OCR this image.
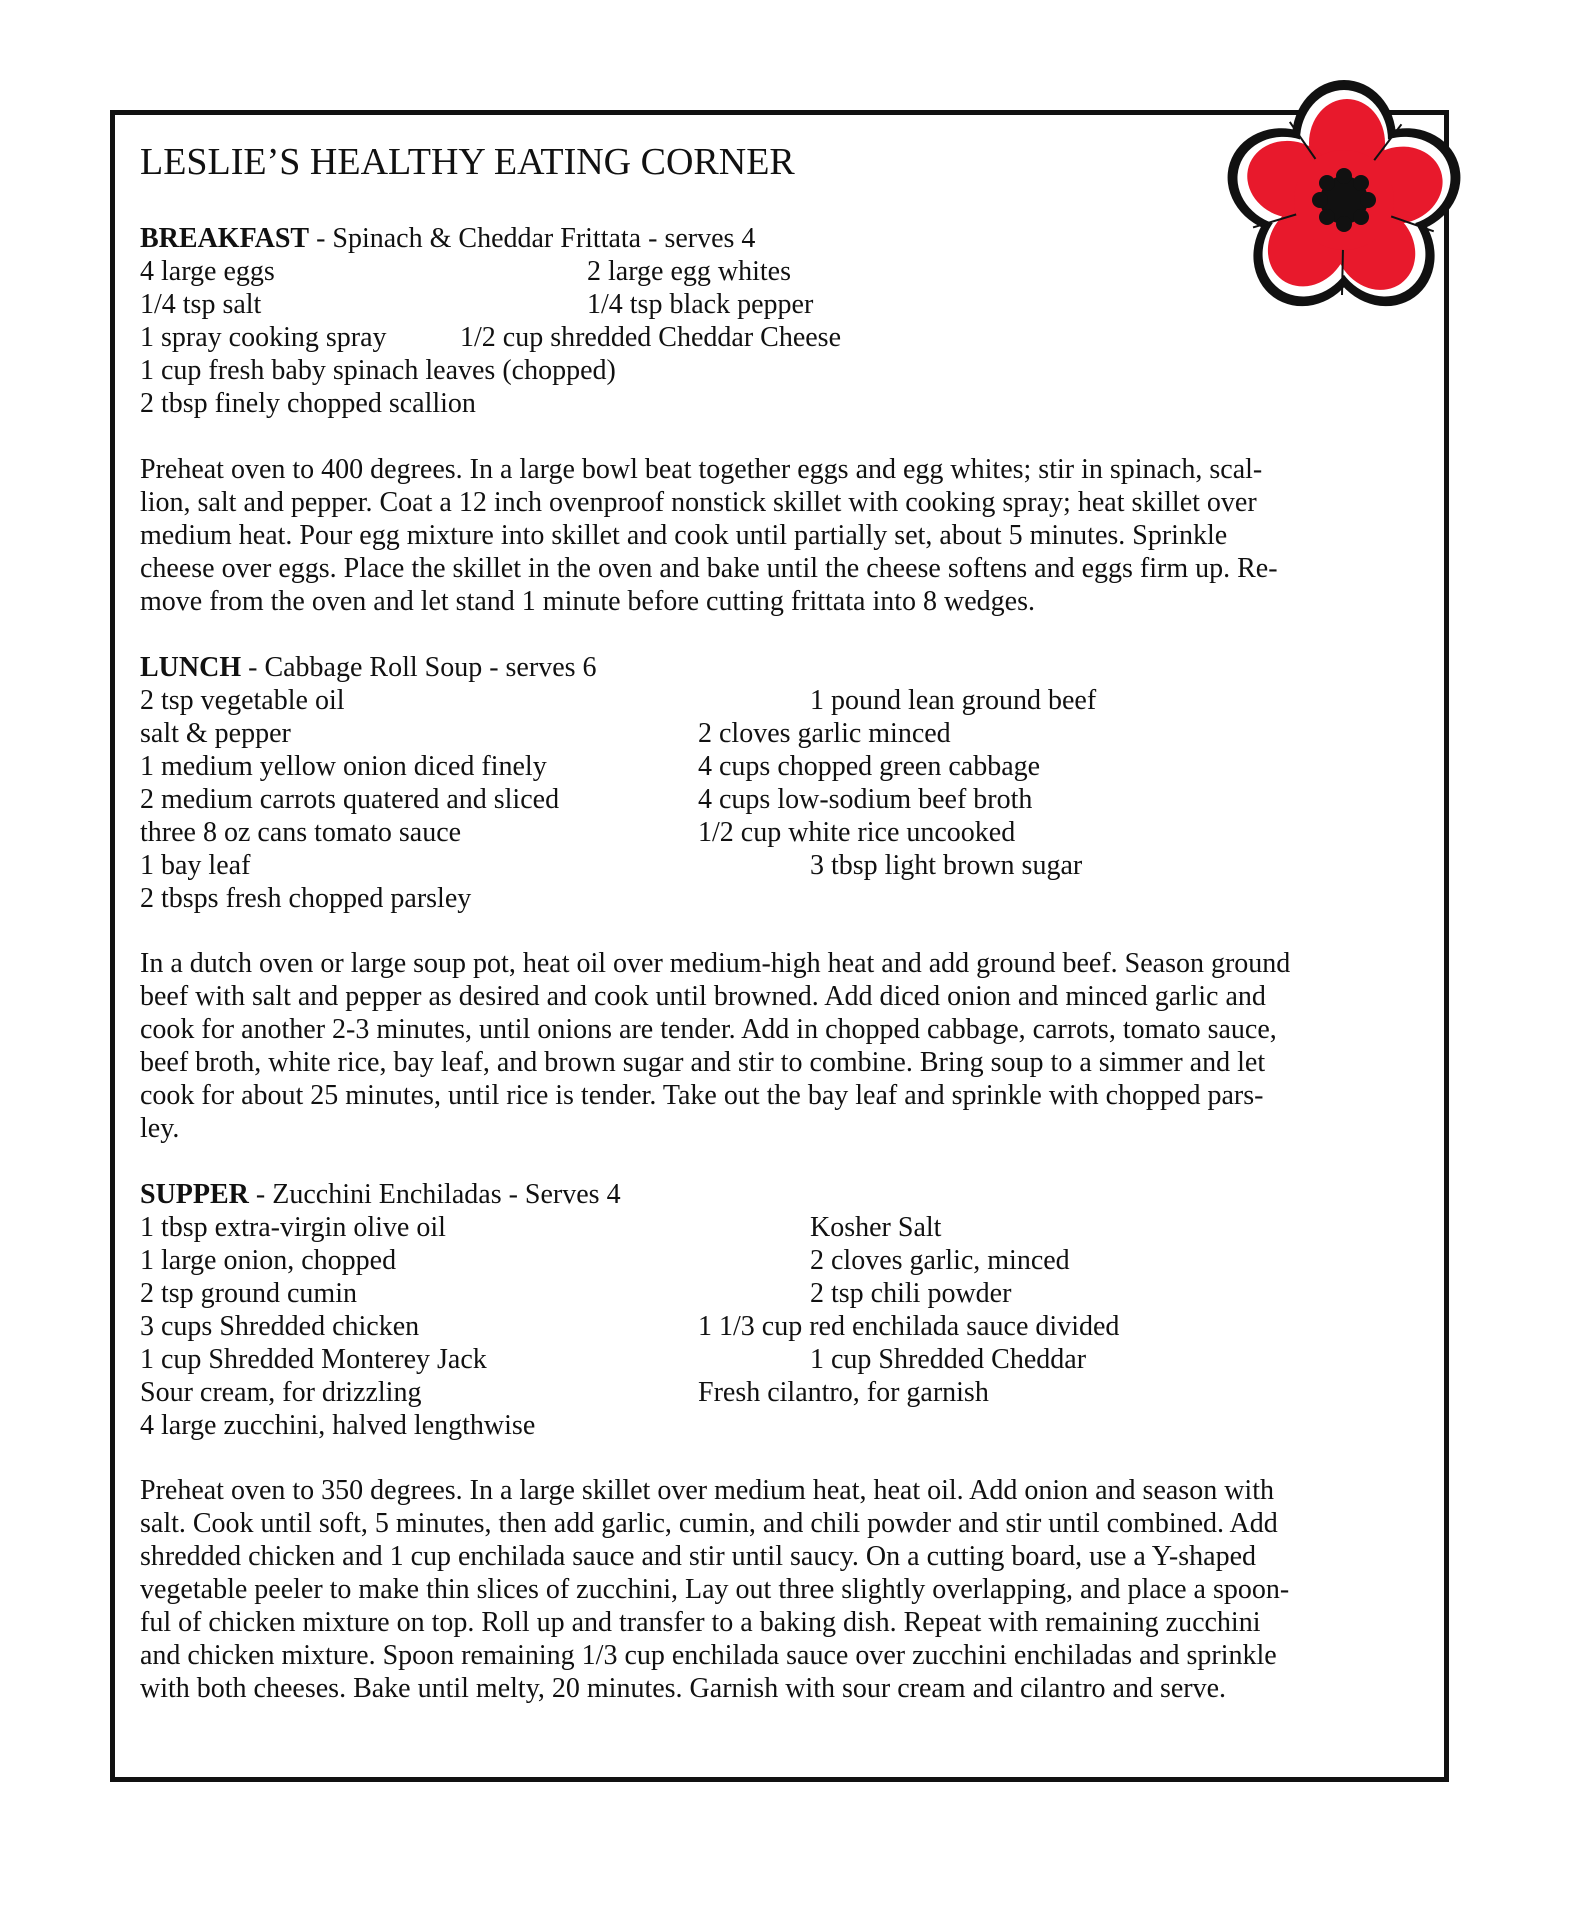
LESLIE’S HEALTHY EATING CORNER
BREAKFAST - Spinach & Cheddar Frittata - serves 4
4 large eggs	2 large egg whites
1/4 tsp salt	1/4 tsp black pepper
1 spray cooking spray	1/2 cup shredded Cheddar Cheese
1 cup fresh baby spinach leaves (chopped)
2 tbsp finely chopped scallion
Preheat oven to 400 degrees. In a large bowl beat together eggs and egg whites; stir in spinach, scal-
lion, salt and pepper. Coat a 12 inch ovenproof nonstick skillet with cooking spray; heat skillet over
medium heat. Pour egg mixture into skillet and cook until partially set, about 5 minutes. Sprinkle
cheese over eggs. Place the skillet in the oven and bake until the cheese softens and eggs firm up. Re-
move from the oven and let stand 1 minute before cutting frittata into 8 wedges.
LUNCH - Cabbage Roll Soup - serves 6
2 tsp vegetable oil	1 pound lean ground beef
salt & pepper	2 cloves garlic minced
1 medium yellow onion diced finely	4 cups chopped green cabbage
2 medium carrots quatered and sliced	4 cups low-sodium beef broth
three 8 oz cans tomato sauce	1/2 cup white rice uncooked
1 bay leaf	3 tbsp light brown sugar
2 tbsps fresh chopped parsley
In a dutch oven or large soup pot, heat oil over medium-high heat and add ground beef. Season ground
beef with salt and pepper as desired and cook until browned. Add diced onion and minced garlic and
cook for another 2-3 minutes, until onions are tender. Add in chopped cabbage, carrots, tomato sauce,
beef broth, white rice, bay leaf, and brown sugar and stir to combine. Bring soup to a simmer and let
cook for about 25 minutes, until rice is tender. Take out the bay leaf and sprinkle with chopped pars-
ley.
SUPPER - Zucchini Enchiladas - Serves 4
1 tbsp extra-virgin olive oil	Kosher Salt
1 large onion, chopped	2 cloves garlic, minced
2 tsp ground cumin	2 tsp chili powder
3 cups Shredded chicken	1 1/3 cup red enchilada sauce divided
1 cup Shredded Monterey Jack	1 cup Shredded Cheddar
Sour cream, for drizzling	Fresh cilantro, for garnish
4 large zucchini, halved lengthwise
Preheat oven to 350 degrees. In a large skillet over medium heat, heat oil. Add onion and season with
salt. Cook until soft, 5 minutes, then add garlic, cumin, and chili powder and stir until combined. Add
shredded chicken and 1 cup enchilada sauce and stir until saucy. On a cutting board, use a Y-shaped
vegetable peeler to make thin slices of zucchini, Lay out three slightly overlapping, and place a spoon-
ful of chicken mixture on top. Roll up and transfer to a baking dish. Repeat with remaining zucchini
and chicken mixture. Spoon remaining 1/3 cup enchilada sauce over zucchini enchiladas and sprinkle
with both cheeses. Bake until melty, 20 minutes. Garnish with sour cream and cilantro and serve.
